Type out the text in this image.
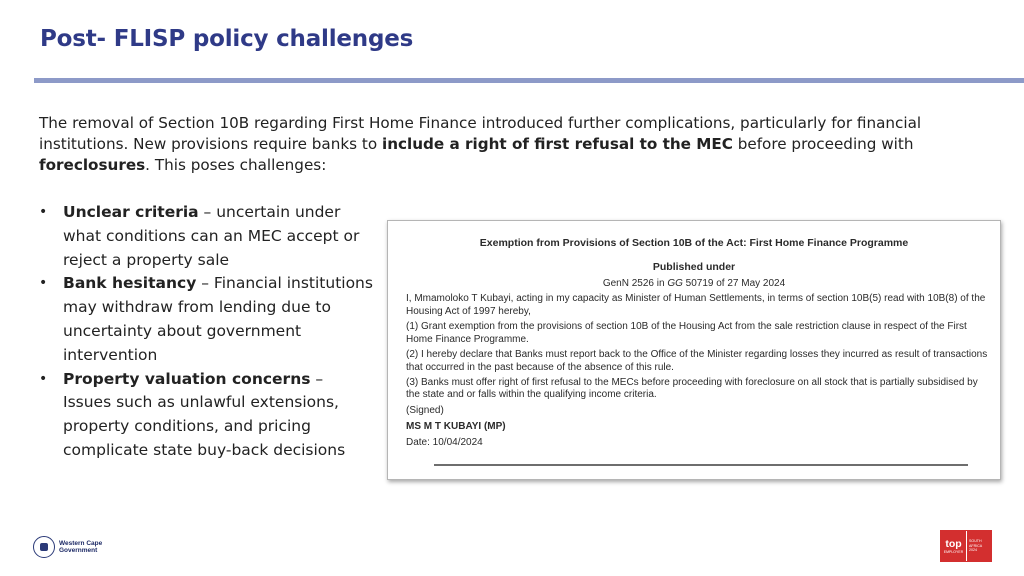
Post- FLISP policy challenges

The removal of Section 10B regarding First Home Finance introduced further complications, particularly for financial institutions. New provisions require banks to include a right of first refusal to the MEC before proceeding with foreclosures. This poses challenges:

• Unclear criteria – uncertain under what conditions can an MEC accept or reject a property sale
• Bank hesitancy – Financial institutions may withdraw from lending due to uncertainty about government intervention
• Property valuation concerns – Issues such as unlawful extensions, property conditions, and pricing complicate state buy-back decisions
Exemption from Provisions of Section 10B of the Act: First Home Finance Programme
Published under
GenN 2526 in GG 50719 of 27 May 2024

I, Mmamoloko T Kubayi, acting in my capacity as Minister of Human Settlements, in terms of section 10B(5) read with 10B(8) of the Housing Act of 1997 hereby,

(1) Grant exemption from the provisions of section 10B of the Housing Act from the sale restriction clause in respect of the First Home Finance Programme.

(2) I hereby declare that Banks must report back to the Office of the Minister regarding losses they incurred as result of transactions that occurred in the past because of the absence of this rule.

(3) Banks must offer right of first refusal to the MECs before proceeding with foreclosure on all stock that is partially subsidised by the state and or falls within the qualifying income criteria.

(Signed)

MS M T KUBAYI (MP)

Date: 10/04/2024

Western Cape
Government
top
EMPLOYER
SOUTH
AFRICA
2024
